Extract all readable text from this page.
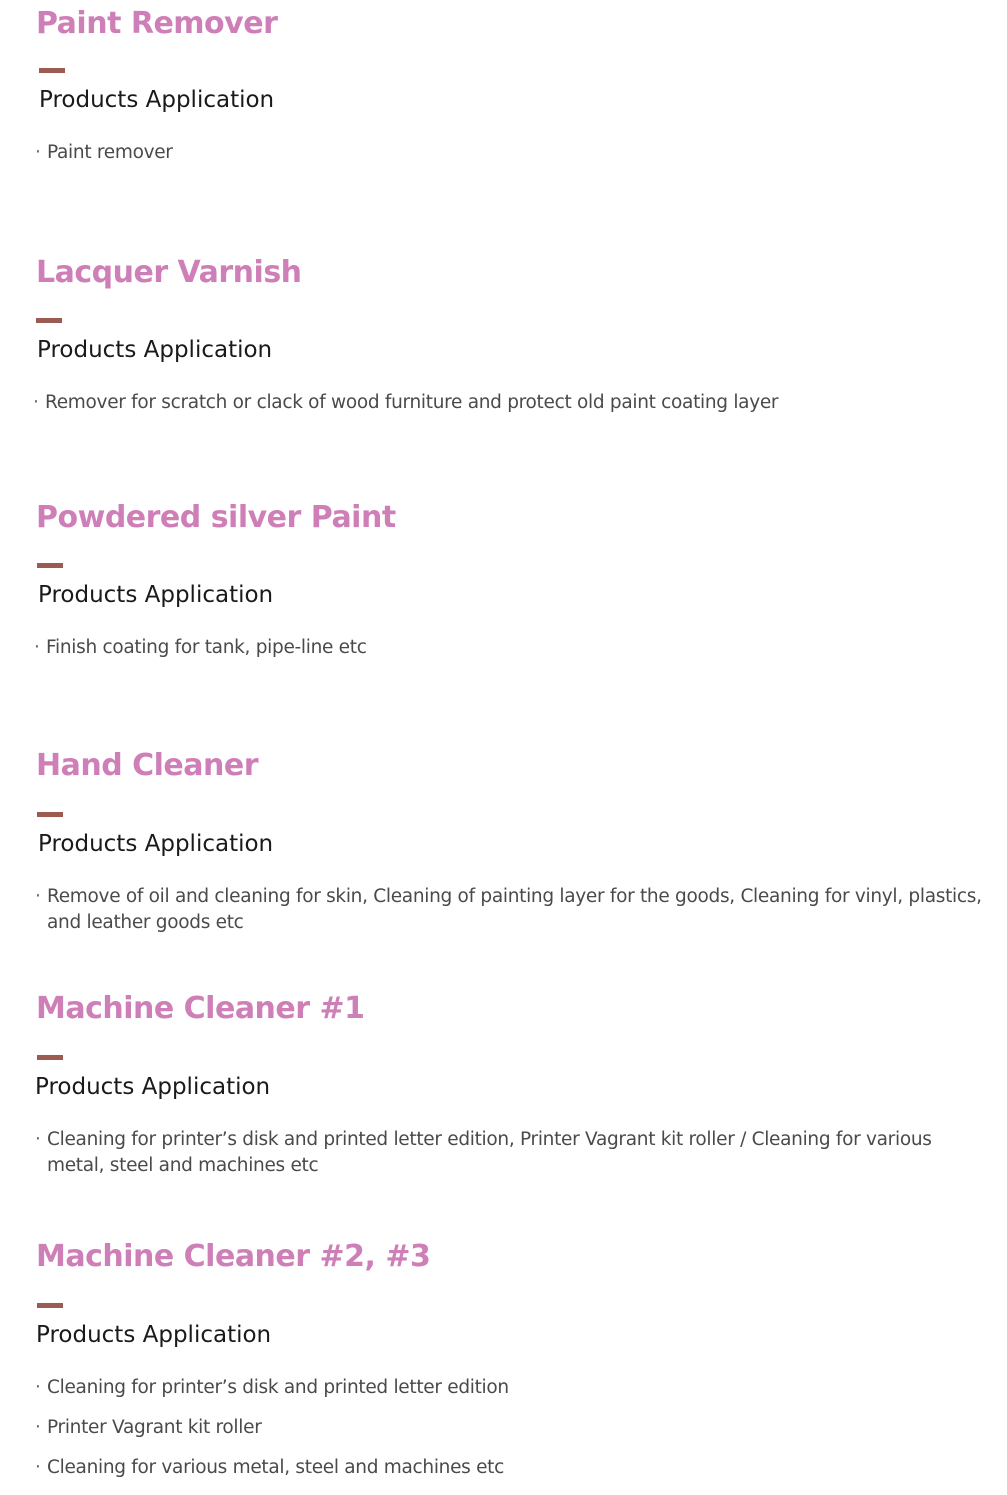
Paint Remover
Products Application
· Paint remover
Lacquer Varnish
Products Application
· Remover for scratch or clack of wood furniture and protect old paint coating layer
Powdered silver Paint
Products Application
· Finish coating for tank, pipe-line etc
Hand Cleaner
Products Application
· Remove of oil and cleaning for skin, Cleaning of painting layer for the goods, Cleaning for vinyl, plastics, and leather goods etc
Machine Cleaner #1
Products Application
· Cleaning for printer’s disk and printed letter edition, Printer Vagrant kit roller / Cleaning for various metal, steel and machines etc
Machine Cleaner #2, #3
Products Application
· Cleaning for printer’s disk and printed letter edition
· Printer Vagrant kit roller
· Cleaning for various metal, steel and machines etc
